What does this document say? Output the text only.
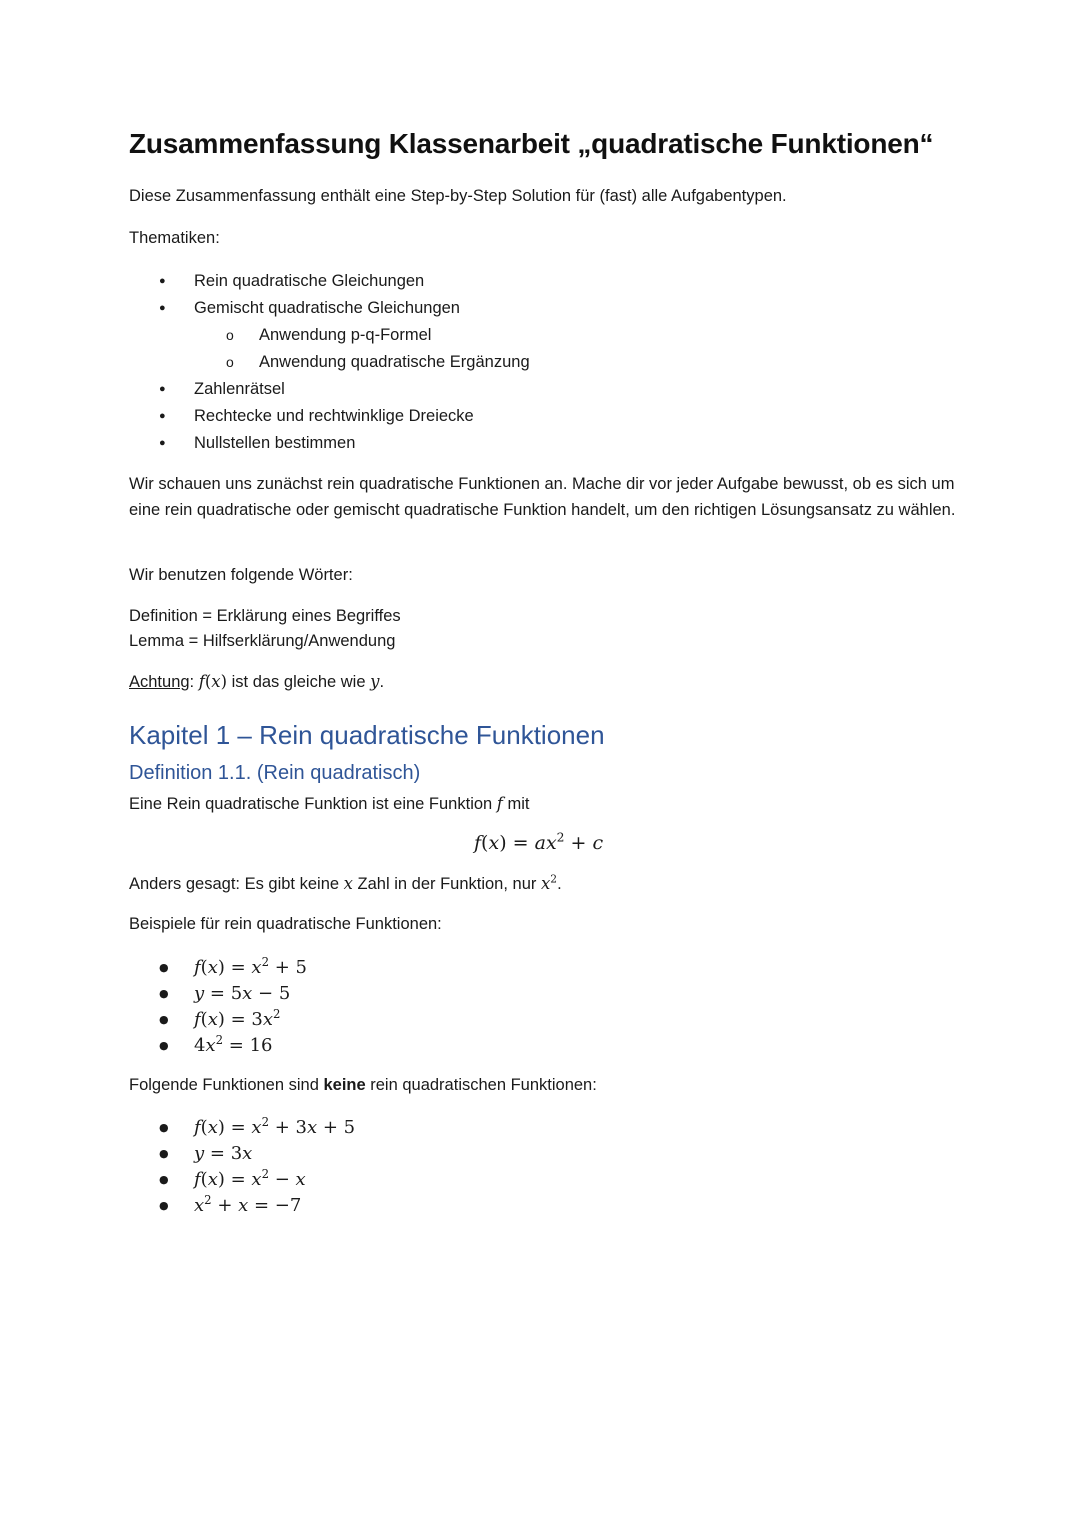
Zusammenfassung Klassenarbeit „quadratische Funktionen“
Diese Zusammenfassung enthält eine Step-by-Step Solution für (fast) alle Aufgabentypen.
Thematiken:
● Rein quadratische Gleichungen
● Gemischt quadratische Gleichungen
o Anwendung p-q-Formel
o Anwendung quadratische Ergänzung
● Zahlenrätsel
● Rechtecke und rechtwinklige Dreiecke
● Nullstellen bestimmen
Wir schauen uns zunächst rein quadratische Funktionen an. Mache dir vor jeder Aufgabe bewusst, ob es sich um eine rein quadratische oder gemischt quadratische Funktion handelt, um den richtigen Lösungsansatz zu wählen.
Wir benutzen folgende Wörter:
Definition = Erklärung eines Begriffes
Lemma = Hilfserklärung/Anwendung
Achtung: f(x) ist das gleiche wie y.
Kapitel 1 – Rein quadratische Funktionen
Definition 1.1. (Rein quadratisch)
Eine Rein quadratische Funktion ist eine Funktion f mit
$f(x) = ax^2 + c$
Anders gesagt: Es gibt keine x Zahl in der Funktion, nur $x^2$.
Beispiele für rein quadratische Funktionen:
● $f(x) = x^2 + 5$
● y = 5x − 5
● $f(x) = 3x^2$
● $4x^2 = 16$
Folgende Funktionen sind keine rein quadratischen Funktionen:
● $f(x) = x^2 + 3x + 5$
● y = 3x
● $f(x) = x^2 - x$
● $x^2 + x = -7$
